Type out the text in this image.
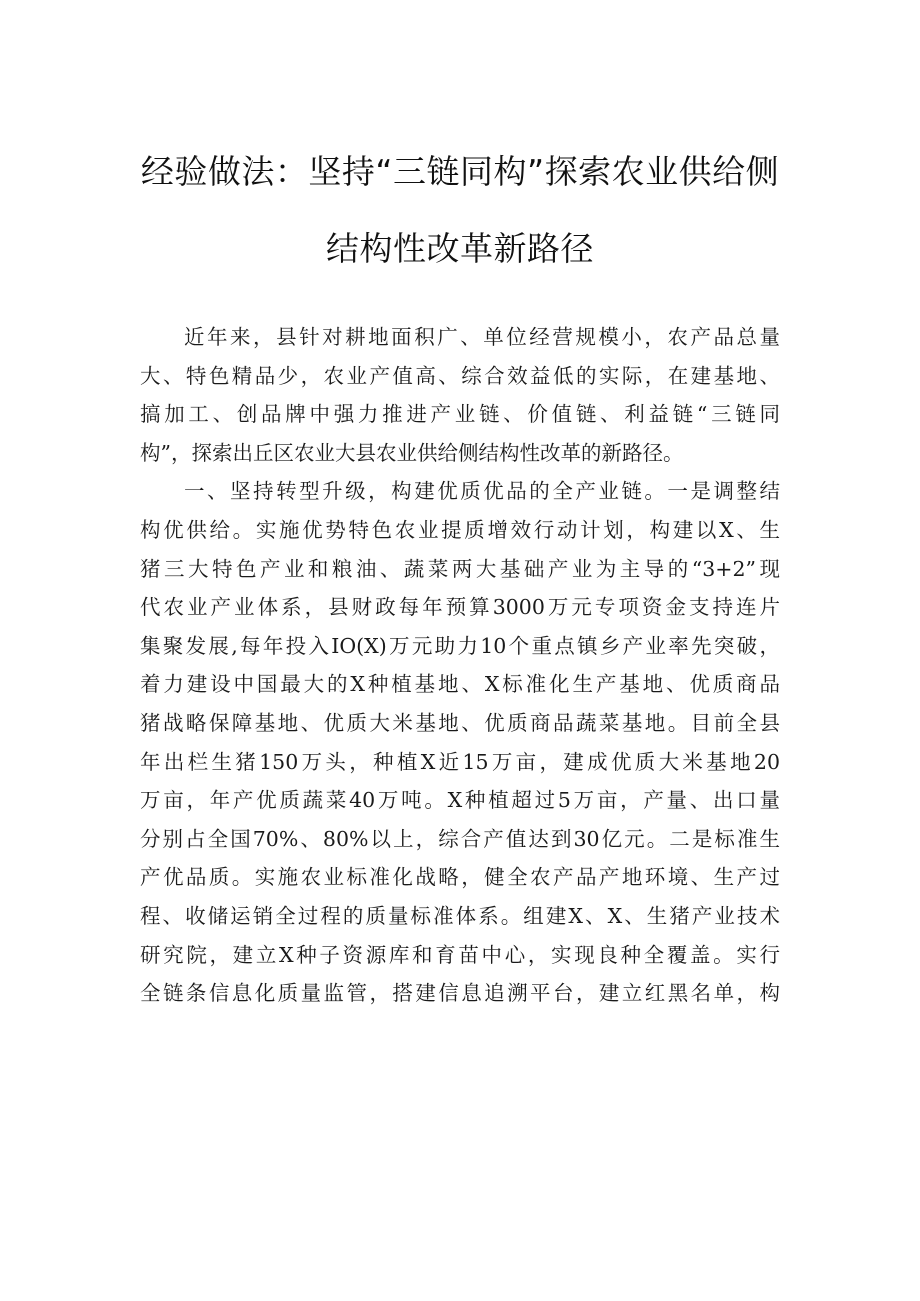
经验做法：坚持“三链同构”探索农业供给侧
结构性改革新路径
近年来，县针对耕地面积广、单位经营规模小，农产品总量
大、特色精品少，农业产值高、综合效益低的实际，在建基地、
搞加工、创品牌中强力推进产业链、价值链、利益链“三链同
构”，探索出丘区农业大县农业供给侧结构性改革的新路径。
一、坚持转型升级，构建优质优品的全产业链。一是调整结
构优供给。实施优势特色农业提质增效行动计划，构建以X、生
猪三大特色产业和粮油、蔬菜两大基础产业为主导的“3+2”现
代农业产业体系，县财政每年预算3000万元专项资金支持连片
集聚发展,每年投入IO(X)万元助力10个重点镇乡产业率先突破，
着力建设中国最大的X种植基地、X标准化生产基地、优质商品
猪战略保障基地、优质大米基地、优质商品蔬菜基地。目前全县
年出栏生猪150万头，种植X近15万亩，建成优质大米基地20
万亩，年产优质蔬菜40万吨。X种植超过5万亩，产量、出口量
分别占全国70%、80%以上，综合产值达到30亿元。二是标准生
产优品质。实施农业标准化战略，健全农产品产地环境、生产过
程、收储运销全过程的质量标准体系。组建X、X、生猪产业技术
研究院，建立X种子资源库和育苗中心，实现良种全覆盖。实行
全链条信息化质量监管，搭建信息追溯平台，建立红黑名单，构
